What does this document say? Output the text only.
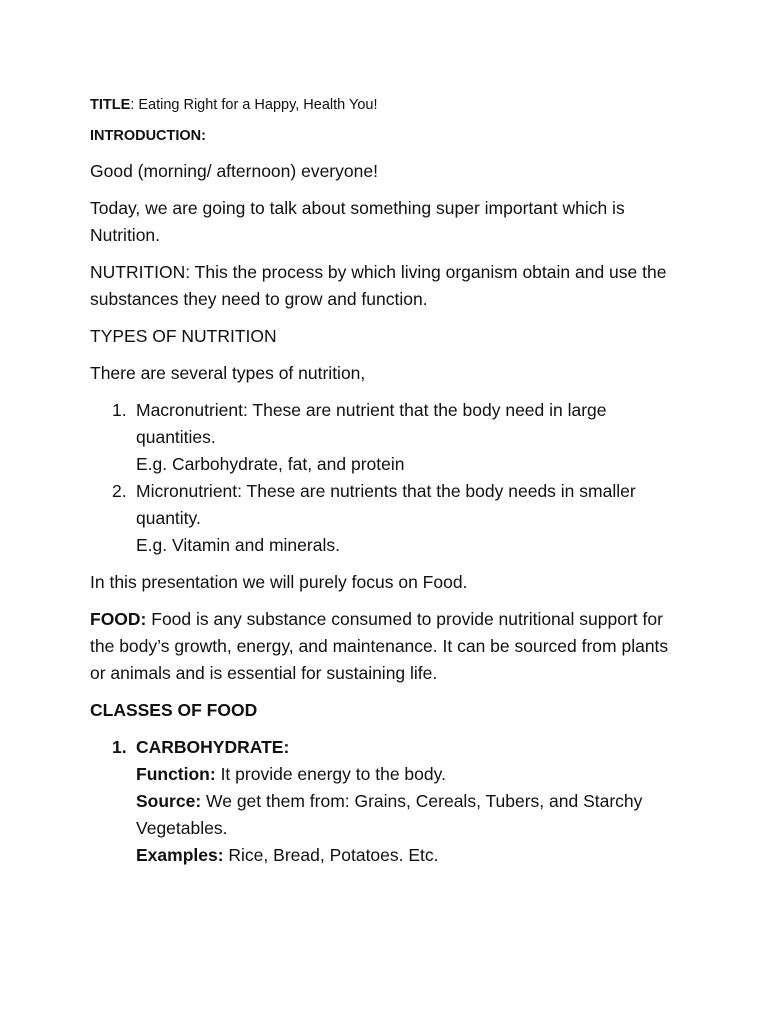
TITLE: Eating Right for a Happy, Health You!

INTRODUCTION:

Good (morning/ afternoon) everyone!

Today, we are going to talk about something super important which is Nutrition.

NUTRITION: This the process by which living organism obtain and use the substances they need to grow and function.

TYPES OF NUTRITION

There are several types of nutrition,

1. Macronutrient: These are nutrient that the body need in large quantities.
E.g. Carbohydrate, fat, and protein
2. Micronutrient: These are nutrients that the body needs in smaller quantity.
E.g. Vitamin and minerals.

In this presentation we will purely focus on Food.

FOOD: Food is any substance consumed to provide nutritional support for the body’s growth, energy, and maintenance. It can be sourced from plants or animals and is essential for sustaining life.

CLASSES OF FOOD

1. CARBOHYDRATE:
Function: It provide energy to the body.
Source: We get them from: Grains, Cereals, Tubers, and Starchy Vegetables.
Examples: Rice, Bread, Potatoes. Etc.
